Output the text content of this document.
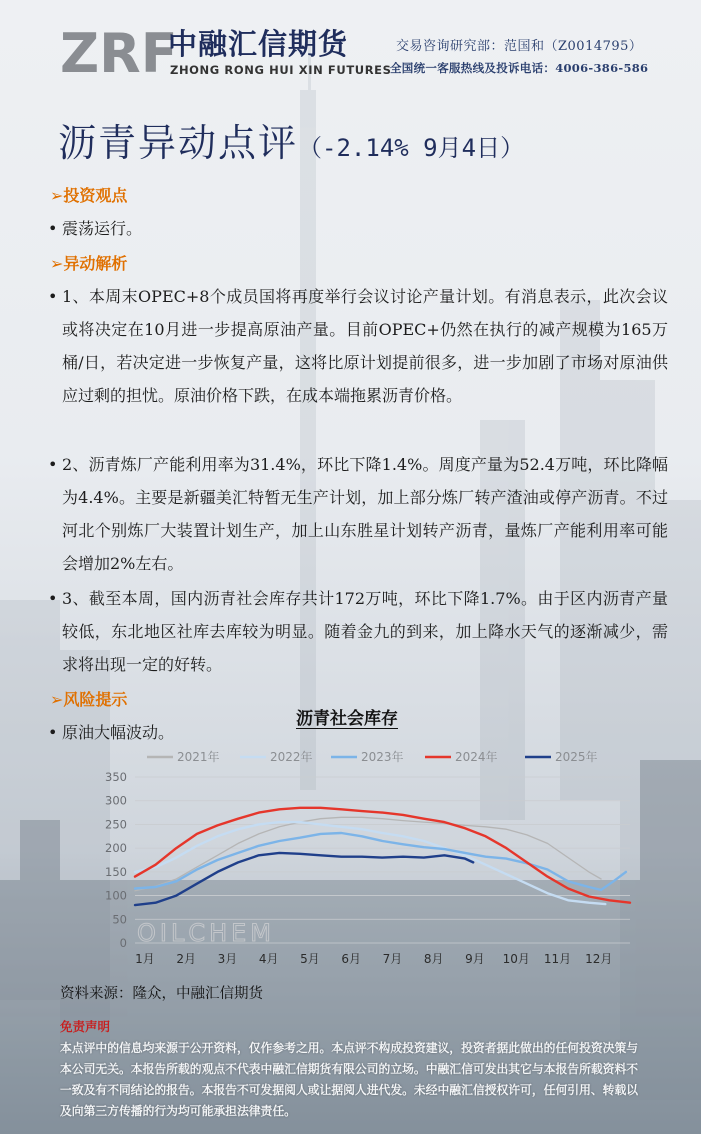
ZRF
中融汇信期货
ZHONG RONG HUI XIN FUTURES
交易咨询研究部：范国和（Z0014795）
全国统一客服热线及投诉电话：4006-386-586
沥青异动点评（-2.14% 9月4日）
➢投资观点
• 震荡运行。
➢异动解析
• 1、本周末OPEC+8个成员国将再度举行会议讨论产量计划。有消息表示，此次会议或将决定在10月进一步提高原油产量。目前OPEC+仍然在执行的减产规模为165万桶/日，若决定进一步恢复产量，这将比原计划提前很多，进一步加剧了市场对原油供应过剩的担忧。原油价格下跌，在成本端拖累沥青价格。
• 2、沥青炼厂产能利用率为31.4%，环比下降1.4%。周度产量为52.4万吨，环比降幅为4.4%。主要是新疆美汇特暂无生产计划，加上部分炼厂转产渣油或停产沥青。不过河北个别炼厂大装置计划生产，加上山东胜星计划转产沥青，量炼厂产能利用率可能会增加2%左右。
• 3、截至本周，国内沥青社会库存共计172万吨，环比下降1.7%。由于区内沥青产量较低，东北地区社库去库较为明显。随着金九的到来，加上降水天气的逐渐减少，需求将出现一定的好转。
➢风险提示
• 原油大幅波动。
沥青社会库存
0
50
100
150
200
250
300
350
1月 2月 3月 4月 5月 6月 7月 8月 9月 10月 11月 12月
OILCHEM
2021年	2022年	2023年	2024年	2025年
资料来源：隆众，中融汇信期货
免责声明
本点评中的信息均来源于公开资料，仅作参考之用。本点评不构成投资建议，投资者据此做出的任何投资决策与本公司无关。本报告所载的观点不代表中融汇信期货有限公司的立场。中融汇信可发出其它与本报告所载资料不一致及有不同结论的报告。本报告不可发据阅人或让据阅人进代发。未经中融汇信授权许可，任何引用、转载以及向第三方传播的行为均可能承担法律责任。
